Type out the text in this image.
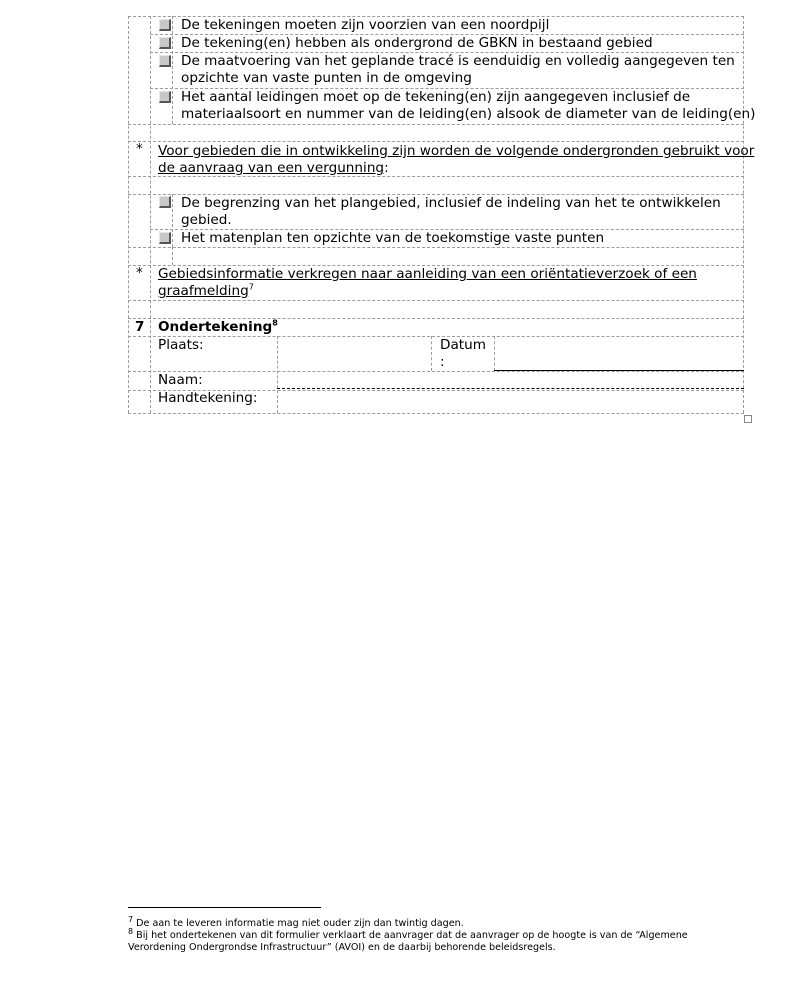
De tekeningen moeten zijn voorzien van een noordpijl
De tekening(en) hebben als ondergrond de GBKN in bestaand gebied
De maatvoering van het geplande tracé is eenduidig en volledig aangegeven ten
opzichte van vaste punten in de omgeving
Het aantal leidingen moet op de tekening(en) zijn aangegeven inclusief de
materiaalsoort en nummer van de leiding(en) alsook de diameter van de leiding(en)
* Voor gebieden die in ontwikkeling zijn worden de volgende ondergronden gebruikt voor
de aanvraag van een vergunning:
De begrenzing van het plangebied, inclusief de indeling van het te ontwikkelen
gebied.
Het matenplan ten opzichte van de toekomstige vaste punten
* Gebiedsinformatie verkregen naar aanleiding van een oriëntatieverzoek of een
graafmelding$^7$
7 Ondertekening$^8$
Plaats:	Datum
:
Naam:
Handtekening:
$^7$ De aan te leveren informatie mag niet ouder zijn dan twintig dagen.
$^8$ Bij het ondertekenen van dit formulier verklaart de aanvrager dat de aanvrager op de hoogte is van de “Algemene
Verordening Ondergrondse Infrastructuur” (AVOI) en de daarbij behorende beleidsregels.
